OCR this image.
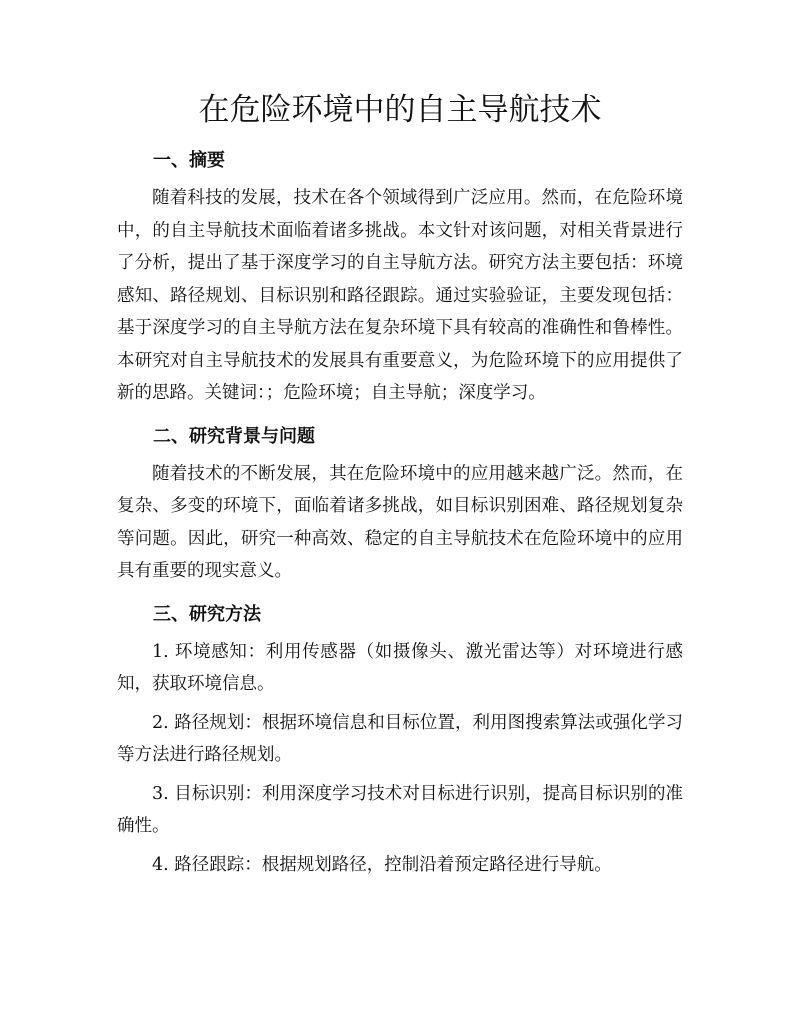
在危险环境中的自主导航技术
一、摘要

随着科技的发展，技术在各个领域得到广泛应用。然而，在危险环境中，的自主导航技术面临着诸多挑战。本文针对该问题，对相关背景进行了分析，提出了基于深度学习的自主导航方法。研究方法主要包括：环境感知、路径规划、目标识别和路径跟踪。通过实验验证，主要发现包括：基于深度学习的自主导航方法在复杂环境下具有较高的准确性和鲁棒性。本研究对自主导航技术的发展具有重要意义，为危险环境下的应用提供了新的思路。关键词：；危险环境；自主导航；深度学习。

二、研究背景与问题

随着技术的不断发展，其在危险环境中的应用越来越广泛。然而，在复杂、多变的环境下，面临着诸多挑战，如目标识别困难、路径规划复杂等问题。因此，研究一种高效、稳定的自主导航技术在危险环境中的应用具有重要的现实意义。

三、研究方法

1. 环境感知：利用传感器（如摄像头、激光雷达等）对环境进行感知，获取环境信息。

2. 路径规划：根据环境信息和目标位置，利用图搜索算法或强化学习等方法进行路径规划。

3. 目标识别：利用深度学习技术对目标进行识别，提高目标识别的准确性。

4. 路径跟踪：根据规划路径，控制沿着预定路径进行导航。
